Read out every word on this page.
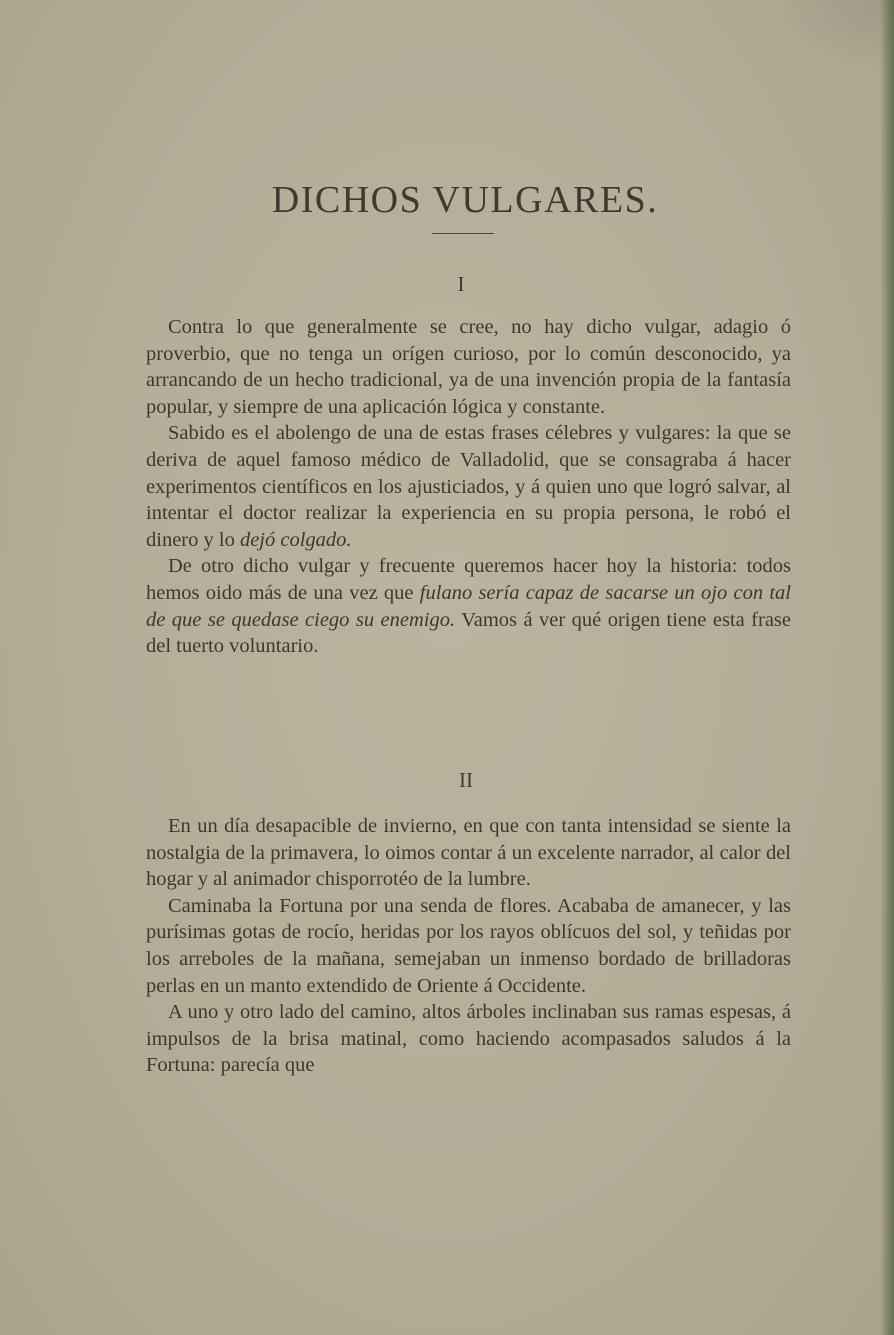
DICHOS VULGARES.
I

Contra lo que generalmente se cree, no hay dicho vulgar, adagio ó proverbio, que no tenga un orígen curioso, por lo común desconocido, ya arrancando de un hecho tradicional, ya de una invención propia de la fantasía popular, y siempre de una aplicación lógica y constante.

Sabido es el abolengo de una de estas frases célebres y vulgares: la que se deriva de aquel famoso médico de Valladolid, que se consagraba á hacer experimentos científicos en los ajusticiados, y á quien uno que logró salvar, al intentar el doctor realizar la experiencia en su propia persona, le robó el dinero y lo dejó colgado.

De otro dicho vulgar y frecuente queremos hacer hoy la historia: todos hemos oido más de una vez que fulano sería capaz de sacarse un ojo con tal de que se quedase ciego su enemigo. Vamos á ver qué origen tiene esta frase del tuerto voluntario.

II

En un día desapacible de invierno, en que con tanta intensidad se siente la nostalgia de la primavera, lo oimos contar á un excelente narrador, al calor del hogar y al animador chisporrotéo de la lumbre.

Caminaba la Fortuna por una senda de flores. Acababa de amanecer, y las purísimas gotas de rocío, heridas por los rayos oblícuos del sol, y teñidas por los arreboles de la mañana, semejaban un inmenso bordado de brilladoras perlas en un manto extendido de Oriente á Occidente.

A uno y otro lado del camino, altos árboles inclinaban sus ramas espesas, á impulsos de la brisa matinal, como haciendo acompasados saludos á la Fortuna: parecía que
